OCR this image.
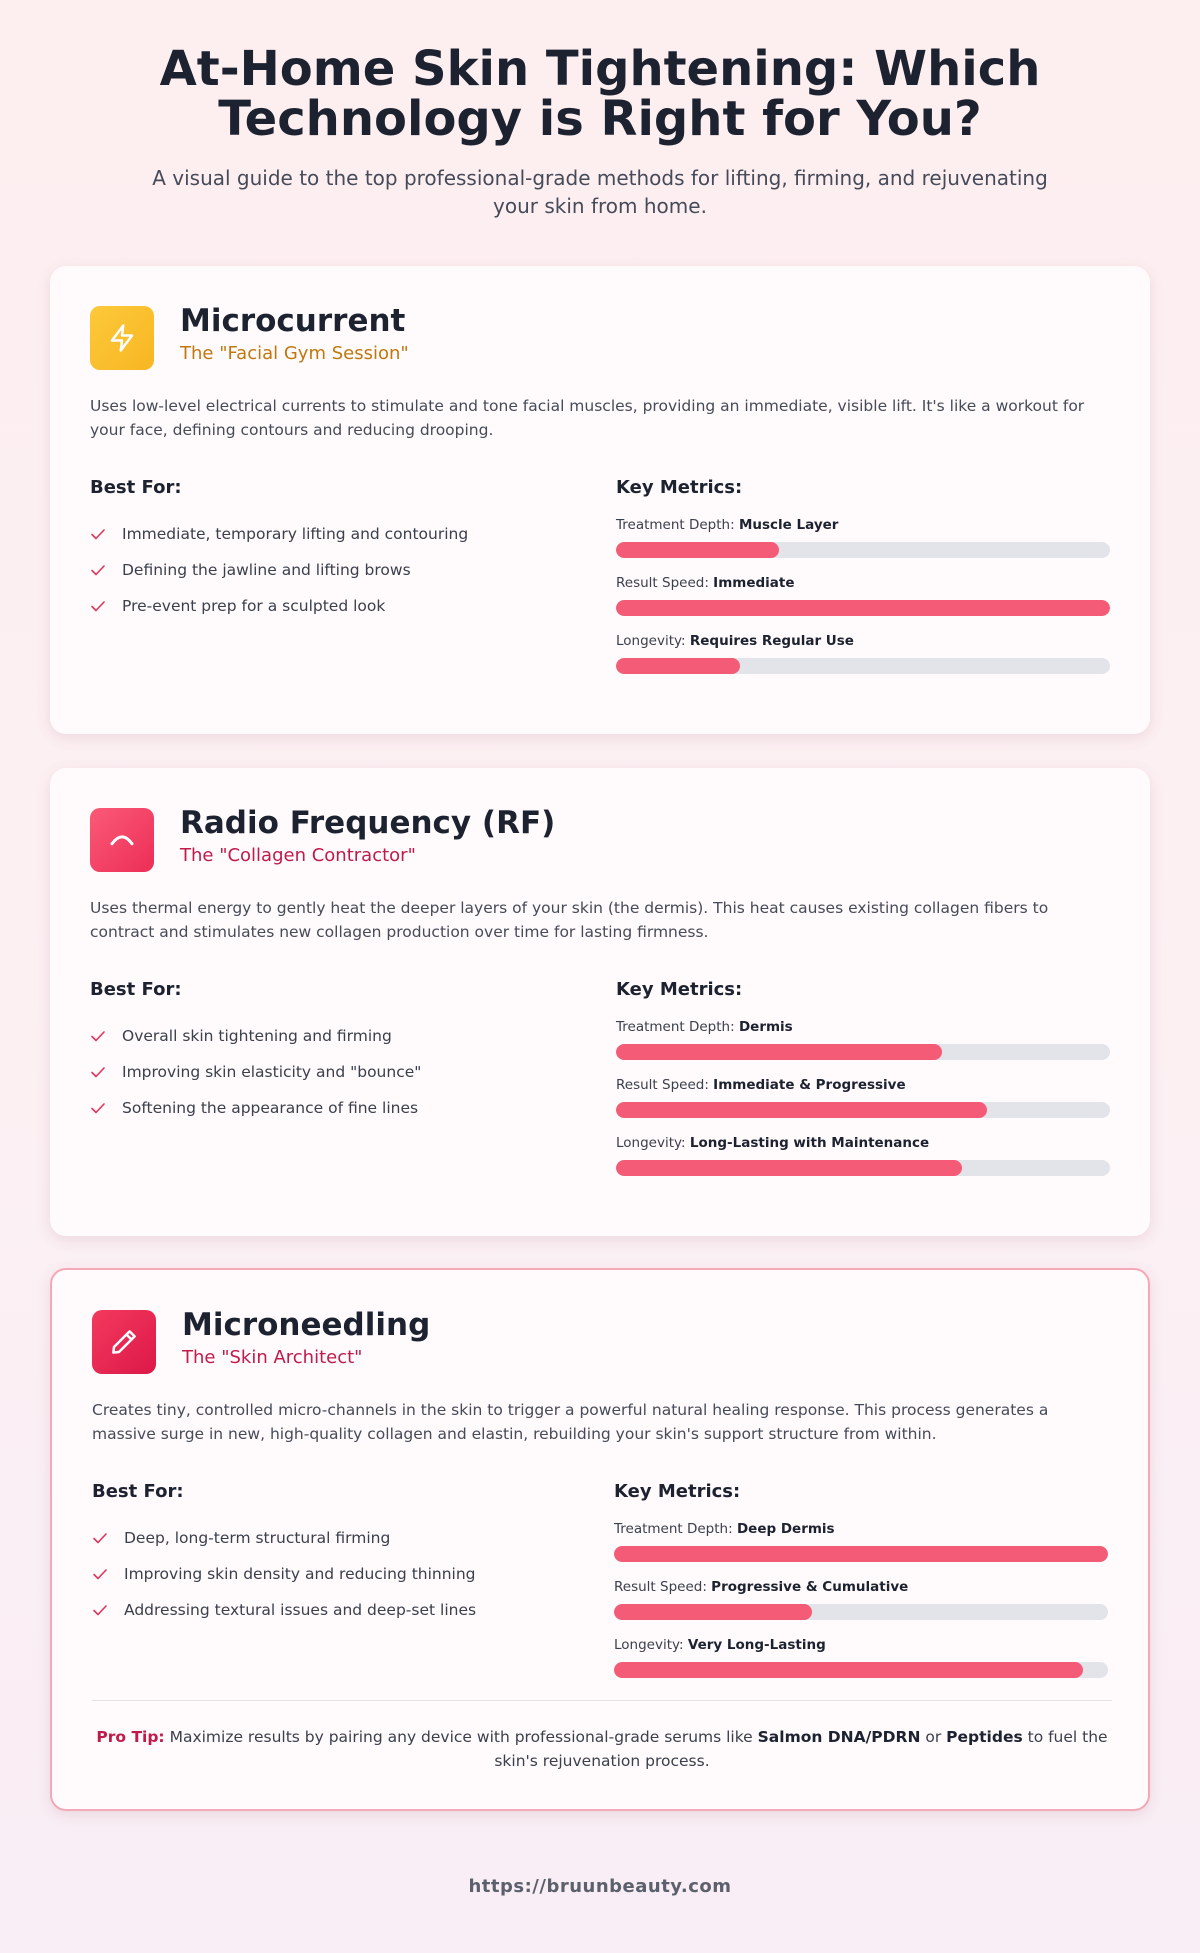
At-Home Skin Tightening: Which Technology is Right for You?

A visual guide to the top professional-grade methods for lifting, firming, and rejuvenating your skin from home.

Microcurrent
The "Facial Gym Session"

Uses low-level electrical currents to stimulate and tone facial muscles, providing an immediate, visible lift. It's like a workout for your face, defining contours and reducing drooping.

Best For:
Immediate, temporary lifting and contouring
Defining the jawline and lifting brows
Pre-event prep for a sculpted look
Key Metrics:
Treatment Depth: Muscle Layer
Result Speed: Immediate
Longevity: Requires Regular Use
Radio Frequency (RF)
The "Collagen Contractor"

Uses thermal energy to gently heat the deeper layers of your skin (the dermis). This heat causes existing collagen fibers to contract and stimulates new collagen production over time for lasting firmness.

Best For:
Overall skin tightening and firming
Improving skin elasticity and "bounce"
Softening the appearance of fine lines
Key Metrics:
Treatment Depth: Dermis
Result Speed: Immediate & Progressive
Longevity: Long-Lasting with Maintenance
Microneedling
The "Skin Architect"

Creates tiny, controlled micro-channels in the skin to trigger a powerful natural healing response. This process generates a massive surge in new, high-quality collagen and elastin, rebuilding your skin's support structure from within.

Best For:
Deep, long-term structural firming
Improving skin density and reducing thinning
Addressing textural issues and deep-set lines
Key Metrics:
Treatment Depth: Deep Dermis
Result Speed: Progressive & Cumulative
Longevity: Very Long-Lasting

Pro Tip: Maximize results by pairing any device with professional-grade serums like Salmon DNA/PDRN or Peptides to fuel the skin's rejuvenation process.

https://bruunbeauty.com
